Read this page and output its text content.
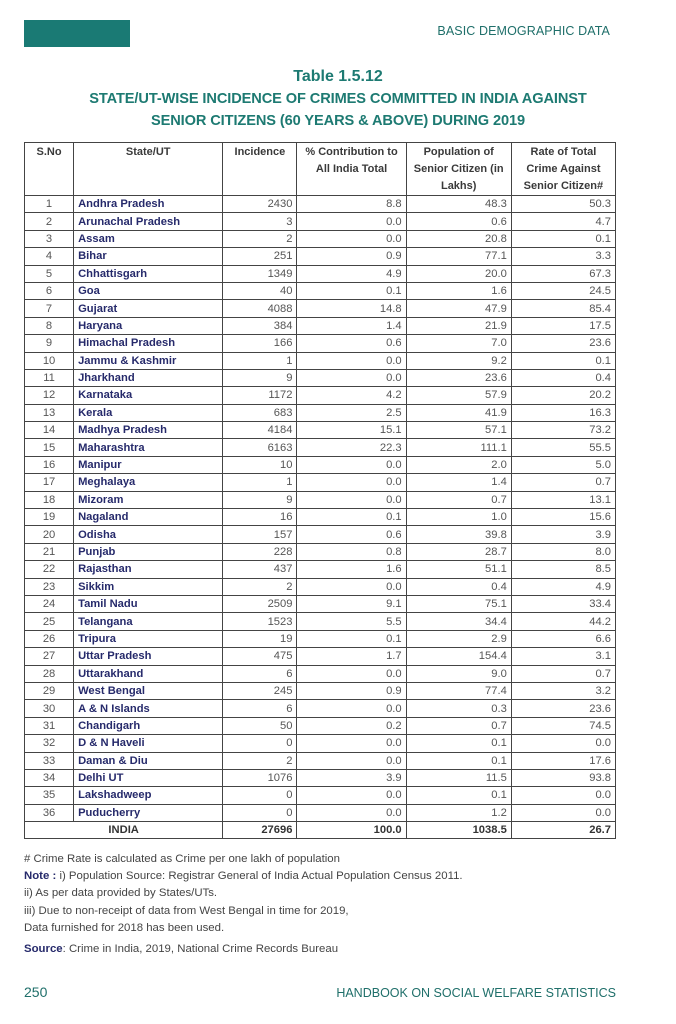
BASIC DEMOGRAPHIC DATA
Table 1.5.12
STATE/UT-WISE INCIDENCE OF CRIMES COMMITTED IN INDIA AGAINST
SENIOR CITIZENS (60 YEARS & ABOVE) DURING 2019
S.No	State/UT	Incidence	% Contribution to All India Total	Population of Senior Citizen (in Lakhs)	Rate of Total Crime Against Senior Citizen#
1	Andhra Pradesh	2430	8.8	48.3	50.3
2	Arunachal Pradesh	3	0.0	0.6	4.7
3	Assam	2	0.0	20.8	0.1
4	Bihar	251	0.9	77.1	3.3
5	Chhattisgarh	1349	4.9	20.0	67.3
6	Goa	40	0.1	1.6	24.5
7	Gujarat	4088	14.8	47.9	85.4
8	Haryana	384	1.4	21.9	17.5
9	Himachal Pradesh	166	0.6	7.0	23.6
10	Jammu & Kashmir	1	0.0	9.2	0.1
11	Jharkhand	9	0.0	23.6	0.4
12	Karnataka	1172	4.2	57.9	20.2
13	Kerala	683	2.5	41.9	16.3
14	Madhya Pradesh	4184	15.1	57.1	73.2
15	Maharashtra	6163	22.3	111.1	55.5
16	Manipur	10	0.0	2.0	5.0
17	Meghalaya	1	0.0	1.4	0.7
18	Mizoram	9	0.0	0.7	13.1
19	Nagaland	16	0.1	1.0	15.6
20	Odisha	157	0.6	39.8	3.9
21	Punjab	228	0.8	28.7	8.0
22	Rajasthan	437	1.6	51.1	8.5
23	Sikkim	2	0.0	0.4	4.9
24	Tamil Nadu	2509	9.1	75.1	33.4
25	Telangana	1523	5.5	34.4	44.2
26	Tripura	19	0.1	2.9	6.6
27	Uttar Pradesh	475	1.7	154.4	3.1
28	Uttarakhand	6	0.0	9.0	0.7
29	West Bengal	245	0.9	77.4	3.2
30	A & N Islands	6	0.0	0.3	23.6
31	Chandigarh	50	0.2	0.7	74.5
32	D & N Haveli	0	0.0	0.1	0.0
33	Daman & Diu	2	0.0	0.1	17.6
34	Delhi UT	1076	3.9	11.5	93.8
35	Lakshadweep	0	0.0	0.1	0.0
36	Puducherry	0	0.0	1.2	0.0
INDIA		27696	100.0	1038.5	26.7
# Crime Rate is calculated as Crime per one lakh of population
Note : i) Population Source: Registrar General of India Actual Population Census 2011.
ii) As per data provided by States/UTs.
iii) Due to non-receipt of data from West Bengal in time for 2019,
Data furnished for 2018 has been used.
Source: Crime in India, 2019, National Crime Records Bureau
250	HANDBOOK ON SOCIAL WELFARE STATISTICS
